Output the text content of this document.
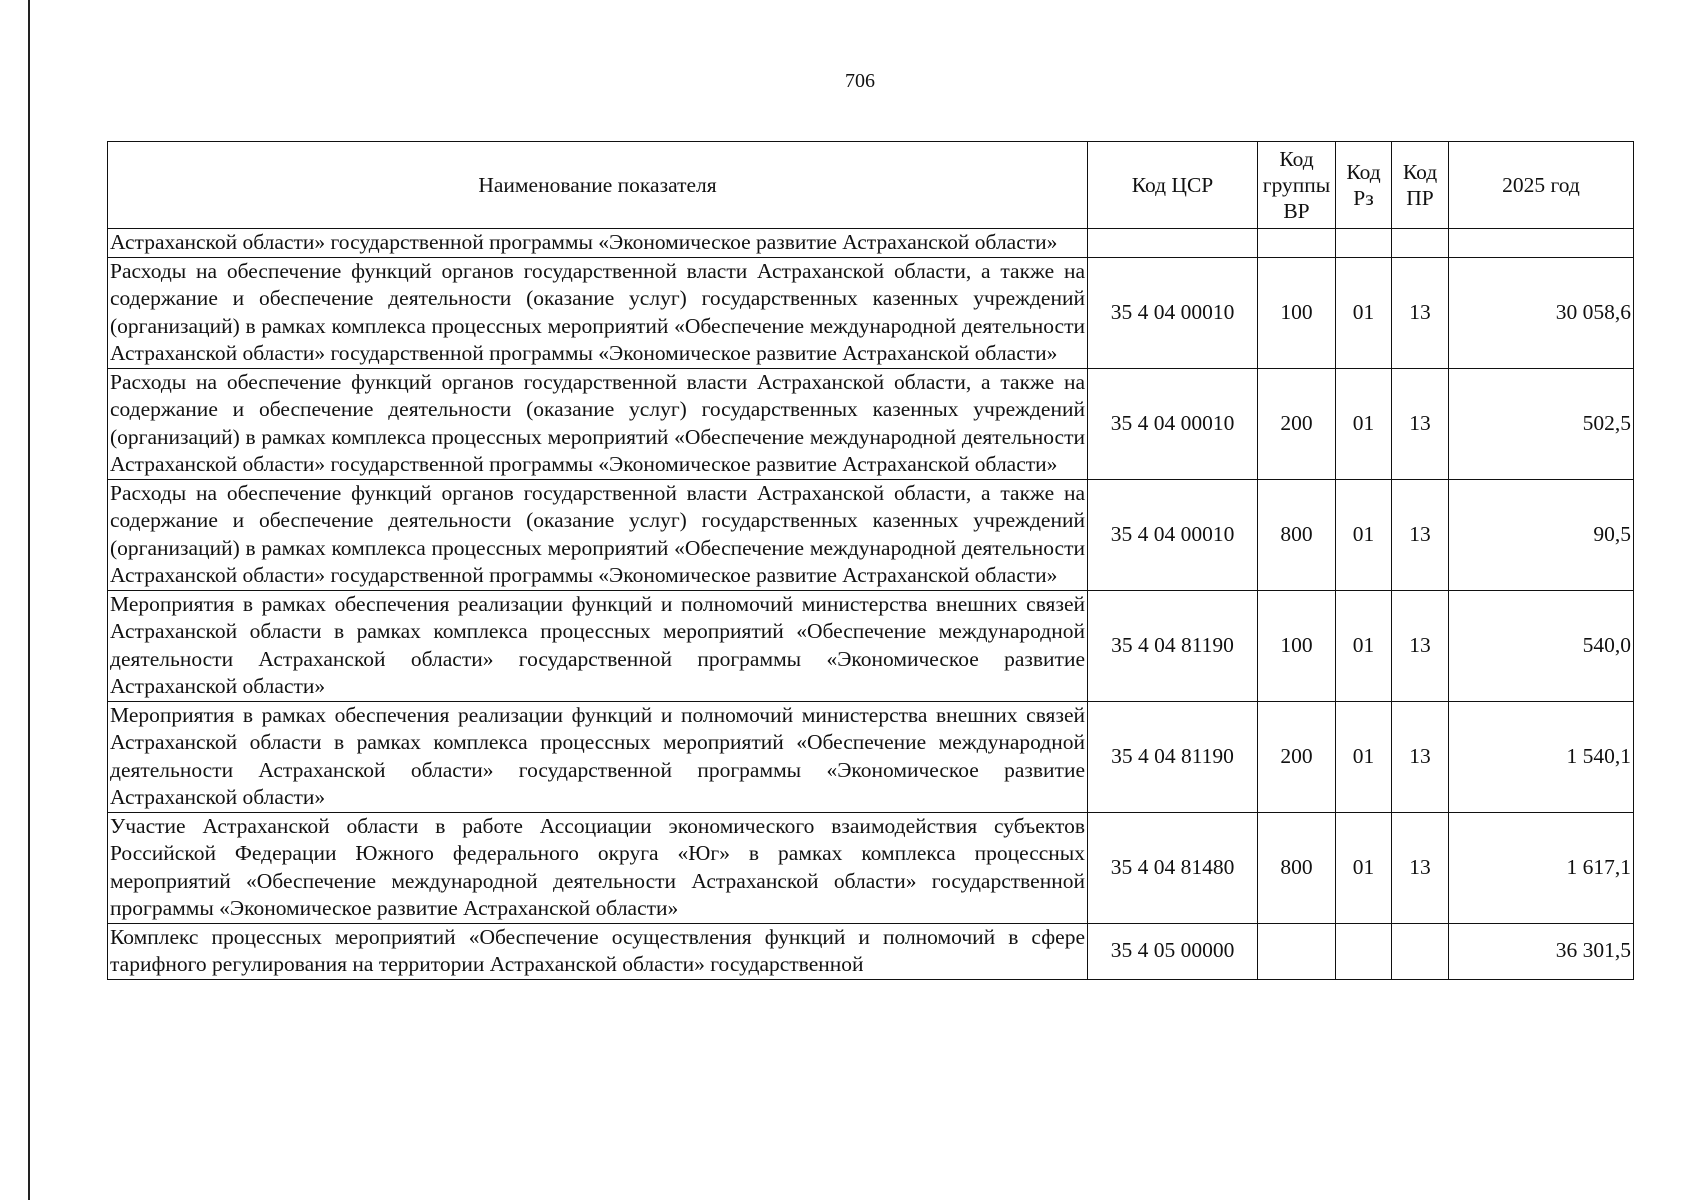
706
Наименование показателя	Код ЦСР	Код группы ВР	Код Рз	Код ПР	2025 год
Астраханской области» государственной программы «Экономическое развитие Астраханской области»					
Расходы на обеспечение функций органов государственной власти Астраханской области, а также на содержание и обеспечение деятельности (оказание услуг) государственных казенных учреждений (организаций) в рамках комплекса процессных мероприятий «Обеспечение международной деятельности Астраханской области» государственной программы «Экономическое развитие Астраханской области»	35 4 04 00010	100	01	13	30 058,6
Расходы на обеспечение функций органов государственной власти Астраханской области, а также на содержание и обеспечение деятельности (оказание услуг) государственных казенных учреждений (организаций) в рамках комплекса процессных мероприятий «Обеспечение международной деятельности Астраханской области» государственной программы «Экономическое развитие Астраханской области»	35 4 04 00010	200	01	13	502,5
Расходы на обеспечение функций органов государственной власти Астраханской области, а также на содержание и обеспечение деятельности (оказание услуг) государственных казенных учреждений (организаций) в рамках комплекса процессных мероприятий «Обеспечение международной деятельности Астраханской области» государственной программы «Экономическое развитие Астраханской области»	35 4 04 00010	800	01	13	90,5
Мероприятия в рамках обеспечения реализации функций и полномочий министерства внешних связей Астраханской области в рамках комплекса процессных мероприятий «Обеспечение международной деятельности Астраханской области» государственной программы «Экономическое развитие Астраханской области»	35 4 04 81190	100	01	13	540,0
Мероприятия в рамках обеспечения реализации функций и полномочий министерства внешних связей Астраханской области в рамках комплекса процессных мероприятий «Обеспечение международной деятельности Астраханской области» государственной программы «Экономическое развитие Астраханской области»	35 4 04 81190	200	01	13	1 540,1
Участие Астраханской области в работе Ассоциации экономического взаимодействия субъектов Российской Федерации Южного федерального округа «Юг» в рамках комплекса процессных мероприятий «Обеспечение международной деятельности Астраханской области» государственной программы «Экономическое развитие Астраханской области»	35 4 04 81480	800	01	13	1 617,1
Комплекс процессных мероприятий «Обеспечение осуществления функций и полномочий в сфере тарифного регулирования на территории Астраханской области» государственной	35 4 05 00000				36 301,5
